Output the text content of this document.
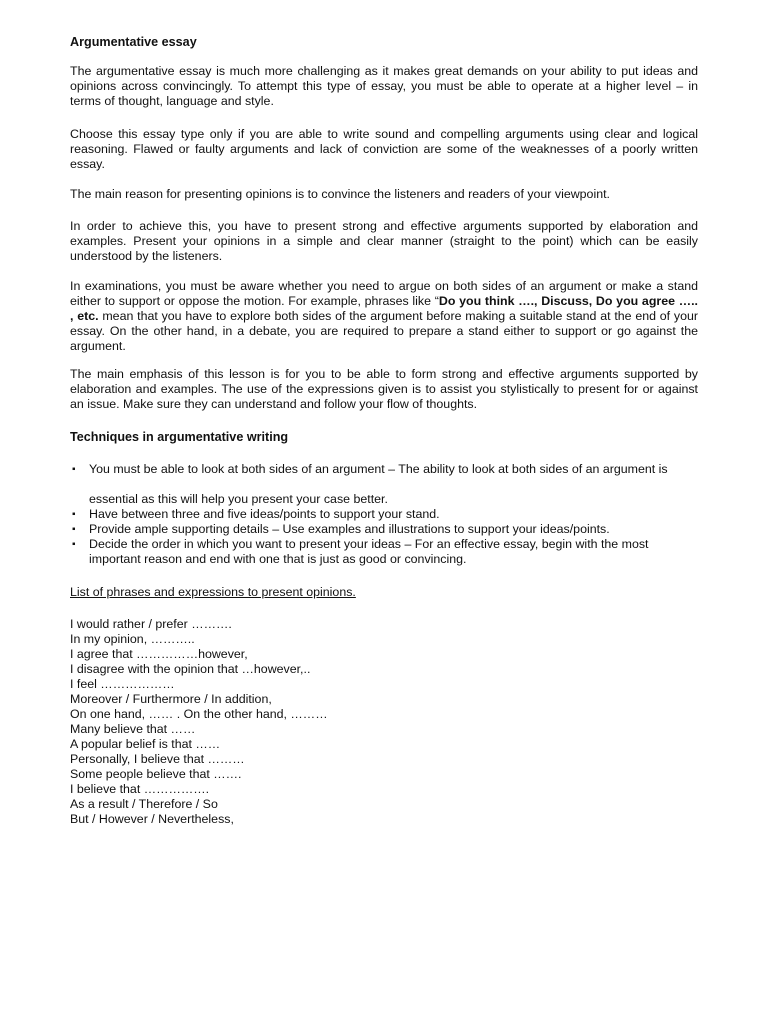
Argumentative essay

The argumentative essay is much more challenging as it makes great demands on your ability to put ideas and opinions across convincingly. To attempt this type of essay, you must be able to operate at a higher level – in terms of thought, language and style.

Choose this essay type only if you are able to write sound and compelling arguments using clear and logical reasoning. Flawed or faulty arguments and lack of conviction are some of the weaknesses of a poorly written essay.

The main reason for presenting opinions is to convince the listeners and readers of your viewpoint.

In order to achieve this, you have to present strong and effective arguments supported by elaboration and examples. Present your opinions in a simple and clear manner (straight to the point) which can be easily understood by the listeners.

In examinations, you must be aware whether you need to argue on both sides of an argument or make a stand either to support or oppose the motion. For example, phrases like “Do you think …., Discuss, Do you agree ….. , etc. mean that you have to explore both sides of the argument before making a suitable stand at the end of your essay. On the other hand, in a debate, you are required to prepare a stand either to support or go against the argument.

The main emphasis of this lesson is for you to be able to form strong and effective arguments supported by elaboration and examples. The use of the expressions given is to assist you stylistically to present for or against an issue. Make sure they can understand and follow your flow of thoughts.

Techniques in argumentative writing
▪ You must be able to look at both sides of an argument – The ability to look at both sides of an argument is
essential as this will help you present your case better.
▪ Have between three and five ideas/points to support your stand.
▪ Provide ample supporting details – Use examples and illustrations to support your ideas/points.
▪ Decide the order in which you want to present your ideas – For an effective essay, begin with the most important reason and end with one that is just as good or convincing.
List of phrases and expressions to present opinions.
I would rather / prefer ……….
In my opinion, ………..
I agree that ……………however,
I disagree with the opinion that …however,..
I feel ………………
Moreover / Furthermore / In addition,
On one hand, …… . On the other hand, ………
Many believe that ……
A popular belief is that ……
Personally, I believe that ………
Some people believe that …….
I believe that …………….
As a result / Therefore / So
But / However / Nevertheless,
